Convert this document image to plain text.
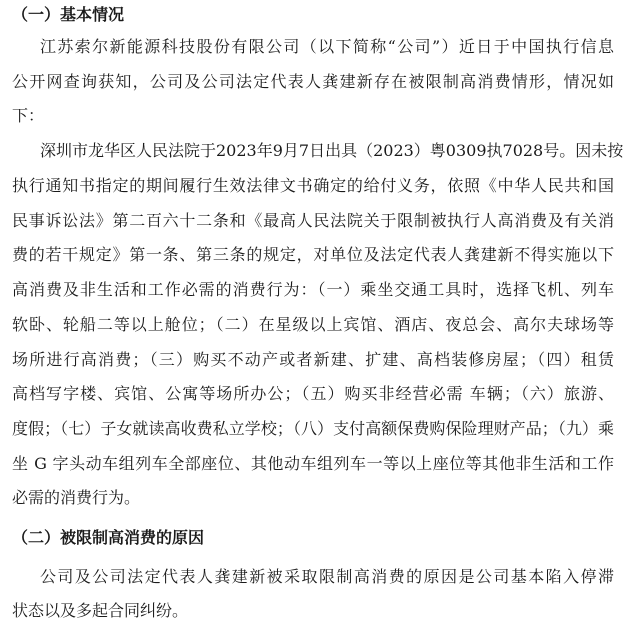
（一）基本情况
江苏索尔新能源科技股份有限公司（以下简称“公司”）近日于中国执行信息
公开网查询获知，公司及公司法定代表人龚建新存在被限制高消费情形，情况如
下：
深圳市龙华区人民法院于2023年9月7日出具（2023）粤0309执7028号。因未按
执行通知书指定的期间履行生效法律文书确定的给付义务，依照《中华人民共和国
民事诉讼法》第二百六十二条和《最高人民法院关于限制被执行人高消费及有关消
费的若干规定》第一条、第三条的规定，对单位及法定代表人龚建新不得实施以下
高消费及非生活和工作必需的消费行为：（一）乘坐交通工具时，选择飞机、列车
软卧、轮船二等以上舱位；（二）在星级以上宾馆、酒店、夜总会、高尔夫球场等
场所进行高消费；（三）购买不动产或者新建、扩建、高档装修房屋；（四）租赁
高档写字楼、宾馆、公寓等场所办公；（五）购买非经营必需 车辆；（六）旅游、
度假；（七）子女就读高收费私立学校；（八）支付高额保费购保险理财产品；（九）乘
坐 G 字头动车组列车全部座位、其他动车组列车一等以上座位等其他非生活和工作
必需的消费行为。
（二）被限制高消费的原因
公司及公司法定代表人龚建新被采取限制高消费的原因是公司基本陷入停滞
状态以及多起合同纠纷。
